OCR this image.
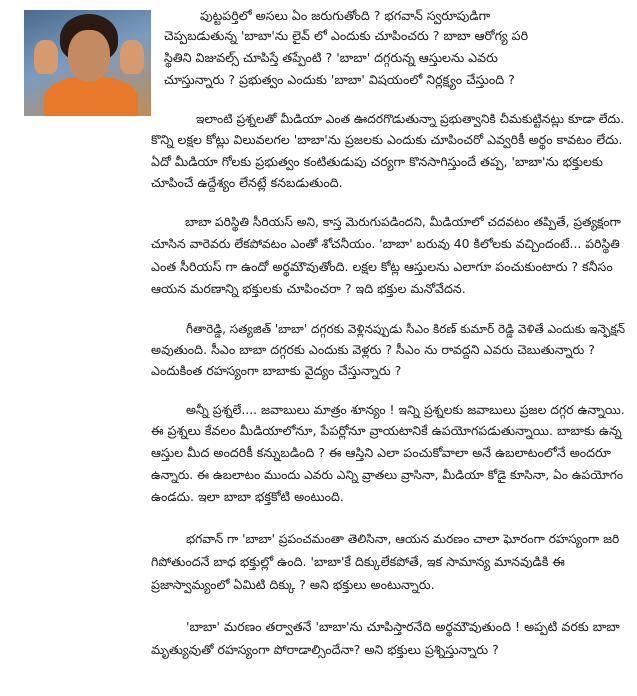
పుట్టపర్తిలో అసలు ఏం జరుగుతోంది ? భగవాన్ స్వరూపుడిగా

చెప్పబడుతున్న 'బాబా'ను లైవ్ లో ఎందుకు చూపించరు ? బాబా ఆరోగ్య పరి

స్థితిని విజువల్స్ చూపిస్తే తప్పేంటి ? 'బాబా' దగ్గరున్న ఆస్తులను ఎవరు

చూస్తున్నారు ? ప్రభుత్వం ఎందుకు 'బాబా' విషయంలో నిర్లక్ష్యం చేస్తుంది ?

ఇలాంటి ప్రశ్నలతో మీడియా ఎంత ఊదరగొడుతున్నా ప్రభుత్వానికి చీమకుట్టినట్లు కూడా లేదు.

కొన్ని లక్షల కోట్లు విలువలగల 'బాబా'ను ప్రజలకు ఎందుకు చూపించరో ఎవ్వరికీ అర్థం కావటం లేదు.

ఏదో మీడియా గోలకు ప్రభుత్వం కంటితుడుపు చర్యగా కొనసాగిస్తుందే తప్ప, 'బాబా'ను భక్తులకు

చూపించే ఉద్దేశ్యం లేనట్లే కనబడుతుంది.

బాబా పరిస్థితి సీరియస్ అని, కాస్త మెరుగుపడిందని, మీడియాలో చదవటం తప్పితే, ప్రత్యక్షంగా

చూసిన వారెవరు లేకపోవటం ఎంతో శోచనీయం. 'బాబా' బరువు 40 కిలోలకు వచ్చిందంటే... పరిస్థితి

ఎంత సీరియస్ గా ఉందో అర్థమౌవుతోంది. లక్షల కోట్ల ఆస్తులను ఎలాగూ పంచుకుంటారు ? కనీసం

ఆయన మరణాన్ని భక్తులకు చూపించరా ? ఇది భక్తుల మనోవేదన.

గీతారెడ్డి, సత్యజిత్ 'బాబా' దగ్గరకు వెళ్లినప్పుడు సీఎం కిరణ్ కుమార్ రెడ్డి వెళితే ఎందుకు ఇన్ఫెక్షన్

అవుతుంది. సీఎం బాబా దగ్గరకు ఎందుకు వెళ్లరు ? సీఎం ను రావద్దని ఎవరు చెబుతున్నారు ?

ఎందుకింత రహస్యంగా బాబాకు వైద్యం చేస్తున్నారు ?

అన్నీ ప్రశ్నలే.... జవాబులు మాత్రం శూన్యం ! ఇన్ని ప్రశ్నలకు జవాబులు ప్రజల దగ్గర ఉన్నాయి.

ఈ ప్రశ్నలు కేవలం మీడియాలోనూ, పేపర్లోనూ వ్రాయటానికే ఉపయోగపడుతున్నాయి. బాబాకు ఉన్న

ఆస్తుల మీద అందరికీ కన్నుబడింది ? ఈ ఆస్తిని ఎలా పంచుకోవాలా అనే ఉబలాటంలోనే అందరూ

ఉన్నారు. ఈ ఉబలాటం ముందు ఎవరు ఎన్ని వ్రాతలు వ్రాసినా, మీడియా కోడై కూసినా, ఏం ఉపయోగం

ఉండదు. ఇలా బాబా భక్తకోటి అంటుంది.

భగవాన్ గా 'బాబా' ప్రపంచమంతా తెలిసినా, ఆయన మరణం చాలా ఘోరంగా రహస్యంగా జరి

గిపోతుందనే బాధ భక్తుల్లో ఉంది. 'బాబా'కే దిక్కులేకపోతే, ఇక సామాన్య మానవుడికి ఈ

ప్రజాస్వామ్యంలో ఏమిటి దిక్కు ? అని భక్తులు అంటున్నారు.

'బాబా' మరణం తర్వాతనే 'బాబా'ను చూపిస్తారనేది అర్థమౌవుతుంది ! అప్పటి వరకు బాబా

మృత్యువుతో రహస్యంగా పోరాడాల్సిందేనా? అని భక్తులు ప్రశ్నిస్తున్నారు ?
